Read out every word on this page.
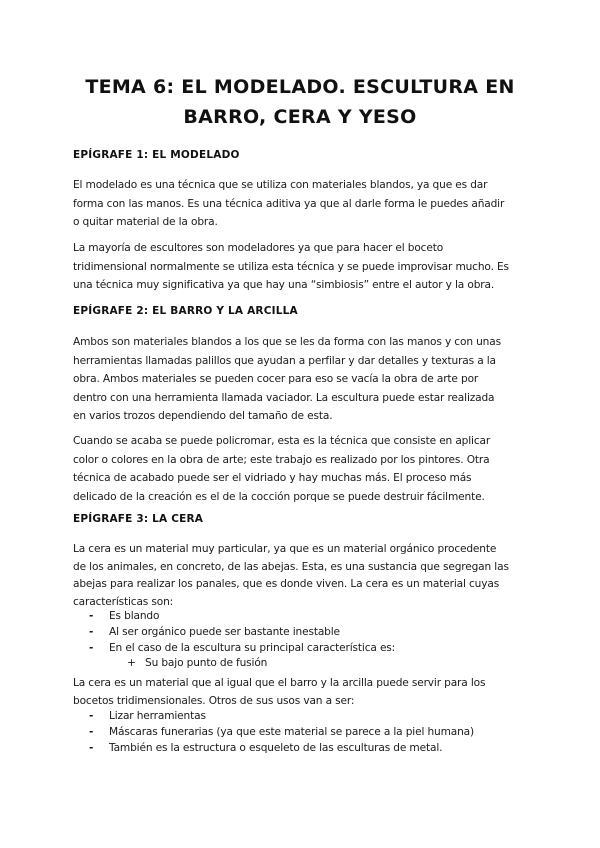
TEMA 6: EL MODELADO. ESCULTURA EN
BARRO, CERA Y YESO
EPÍGRAFE 1: EL MODELADO

El modelado es una técnica que se utiliza con materiales blandos, ya que es dar
forma con las manos. Es una técnica aditiva ya que al darle forma le puedes añadir
o quitar material de la obra.

La mayoría de escultores son modeladores ya que para hacer el boceto
tridimensional normalmente se utiliza esta técnica y se puede improvisar mucho. Es
una técnica muy significativa ya que hay una “simbiosis” entre el autor y la obra.

EPÍGRAFE 2: EL BARRO Y LA ARCILLA

Ambos son materiales blandos a los que se les da forma con las manos y con unas
herramientas llamadas palillos que ayudan a perfilar y dar detalles y texturas a la
obra. Ambos materiales se pueden cocer para eso se vacía la obra de arte por
dentro con una herramienta llamada vaciador. La escultura puede estar realizada
en varios trozos dependiendo del tamaño de esta.

Cuando se acaba se puede policromar, esta es la técnica que consiste en aplicar
color o colores en la obra de arte; este trabajo es realizado por los pintores. Otra
técnica de acabado puede ser el vidriado y hay muchas más. El proceso más
delicado de la creación es el de la cocción porque se puede destruir fácilmente.

EPÍGRAFE 3: LA CERA

La cera es un material muy particular, ya que es un material orgánico procedente
de los animales, en concreto, de las abejas. Esta, es una sustancia que segregan las
abejas para realizar los panales, que es donde viven. La cera es un material cuyas
características son:

- Es blando
- Al ser orgánico puede ser bastante inestable
- En el caso de la escultura su principal característica es:
+ Su bajo punto de fusión

La cera es un material que al igual que el barro y la arcilla puede servir para los
bocetos tridimensionales. Otros de sus usos van a ser:

- Lizar herramientas
- Máscaras funerarias (ya que este material se parece a la piel humana)
- También es la estructura o esqueleto de las esculturas de metal.
